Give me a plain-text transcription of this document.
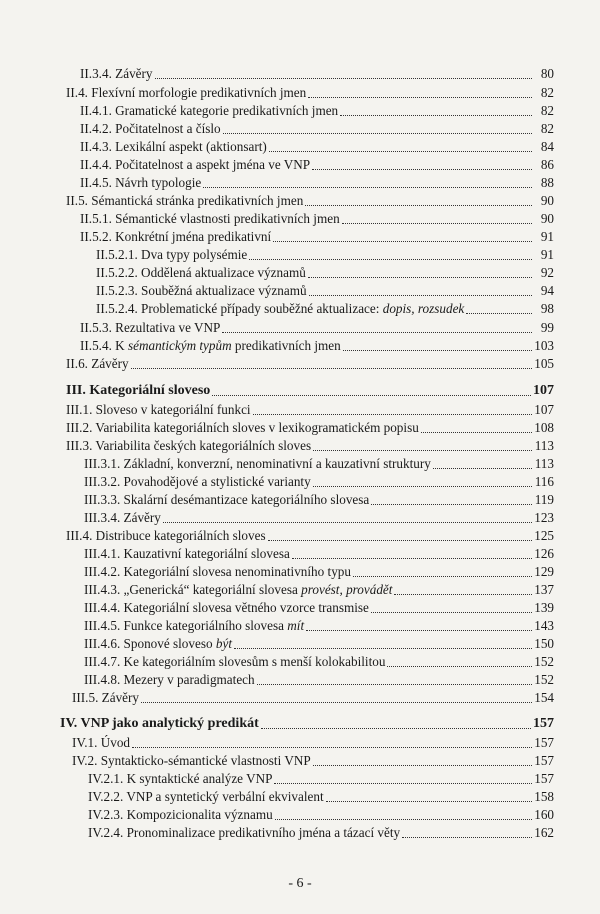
II.3.4. Závěry	80
II.4. Flexívní morfologie predikativních jmen	82
II.4.1. Gramatické kategorie predikativních jmen	82
II.4.2. Počitatelnost a číslo	82
II.4.3. Lexikální aspekt (aktionsart)	84
II.4.4. Počitatelnost a aspekt jména ve VNP	86
II.4.5. Návrh typologie	88
II.5. Sémantická stránka predikativních jmen	90
II.5.1. Sémantické vlastnosti predikativních jmen	90
II.5.2. Konkrétní jména predikativní	91
II.5.2.1. Dva typy polysémie	91
II.5.2.2. Oddělená aktualizace významů	92
II.5.2.3. Souběžná aktualizace významů	94
II.5.2.4. Problematické případy souběžné aktualizace: dopis, rozsudek	98
II.5.3. Rezultativa ve VNP	99
II.5.4. K sémantickým typům predikativních jmen	103
II.6. Závěry	105
III. Kategoriální sloveso	107
III.1. Sloveso v kategoriální funkci	107
III.2. Variabilita kategoriálních sloves v lexikogramatickém popisu	108
III.3. Variabilita českých kategoriálních sloves	113
III.3.1. Základní, konverzní, nenominativní a kauzativní struktury	113
III.3.2. Povahodějové a stylistické varianty	116
III.3.3. Skalární desémantizace kategoriálního slovesa	119
III.3.4. Závěry	123
III.4. Distribuce kategoriálních sloves	125
III.4.1. Kauzativní kategoriální slovesa	126
III.4.2. Kategoriální slovesa nenominativního typu	129
III.4.3. „Generická“ kategoriální slovesa provést, provádět	137
III.4.4. Kategoriální slovesa větného vzorce transmise	139
III.4.5. Funkce kategoriálního slovesa mít	143
III.4.6. Sponové sloveso být	150
III.4.7. Ke kategoriálním slovesům s menší kolokabilitou	152
III.4.8. Mezery v paradigmatech	152
III.5. Závěry	154
IV. VNP jako analytický predikát	157
IV.1. Úvod	157
IV.2. Syntakticko-sémantické vlastnosti VNP	157
IV.2.1. K syntaktické analýze VNP	157
IV.2.2. VNP a syntetický verbální ekvivalent	158
IV.2.3. Kompozicionalita významu	160
IV.2.4. Pronominalizace predikativního jména a tázací věty	162
- 6 -
